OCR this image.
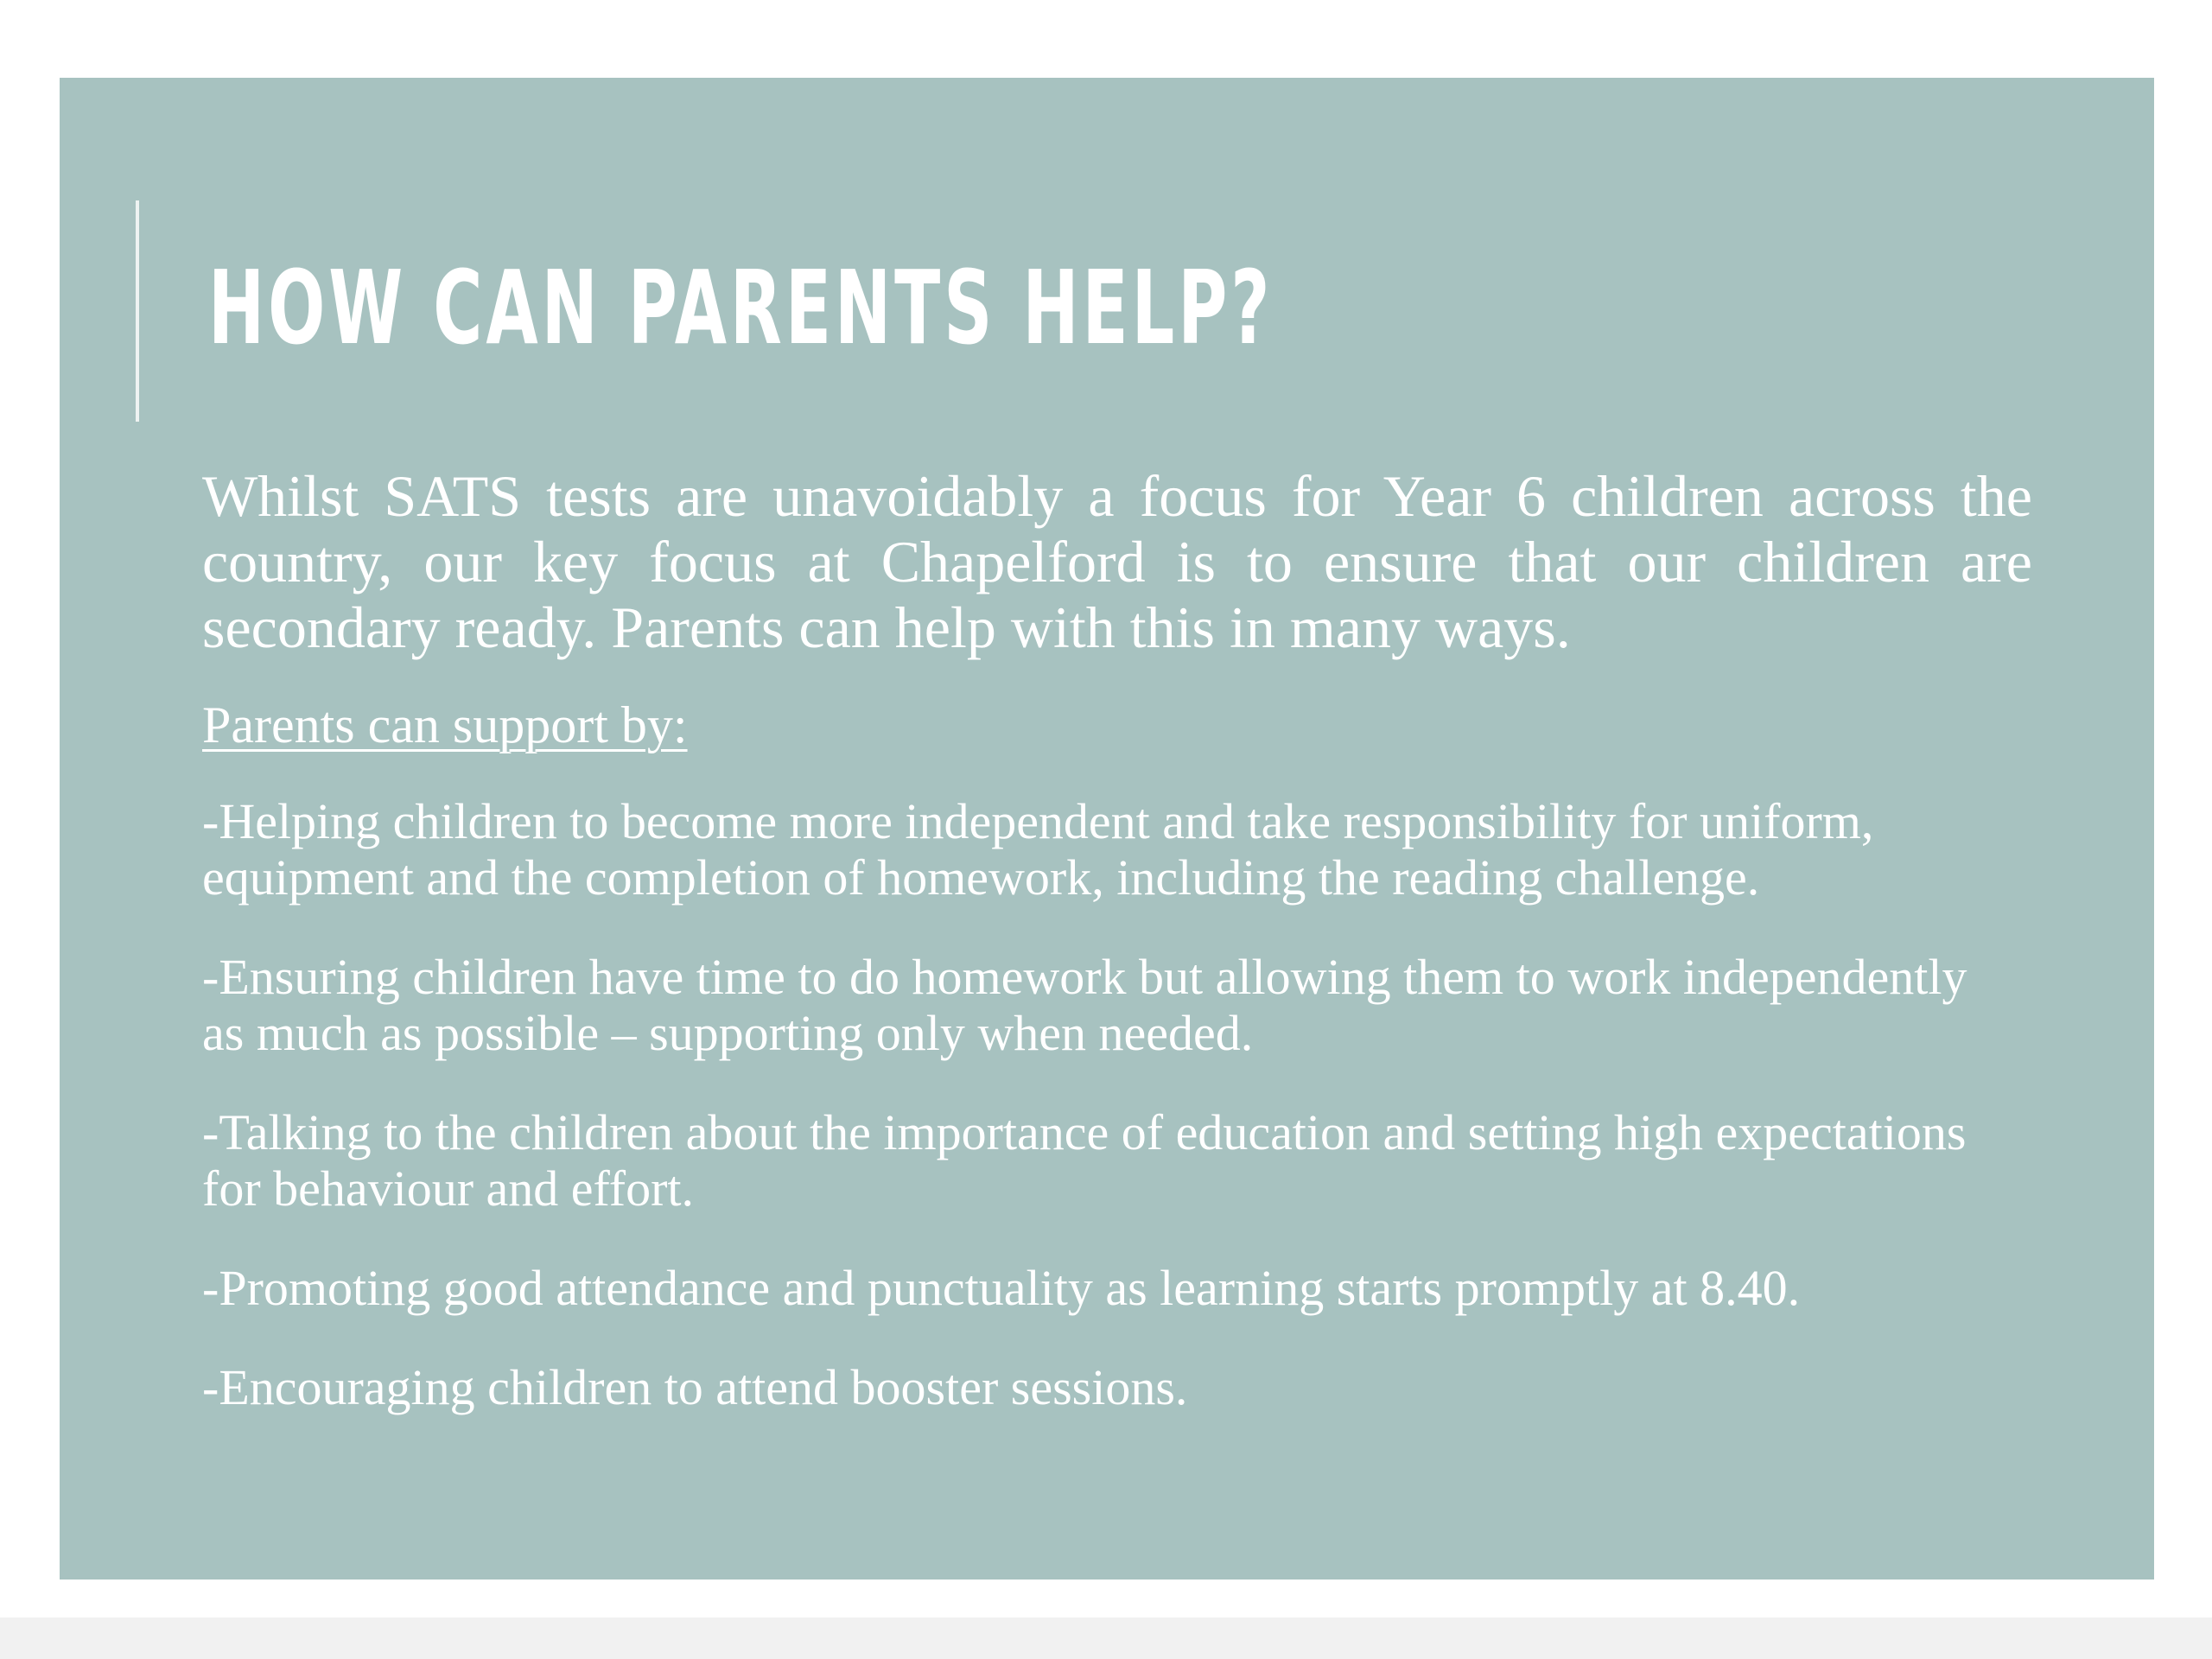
HOW CAN PARENTS HELP?

Whilst SATS tests are unavoidably a focus for Year 6 children across the country, our key focus at Chapelford is to ensure that our children are secondary ready. Parents can help with this in many ways.

Parents can support by:

-Helping children to become more independent and take responsibility for uniform, equipment and the completion of homework, including the reading challenge.

-Ensuring children have time to do homework but allowing them to work independently as much as possible – supporting only when needed.

-Talking to the children about the importance of education and setting high expectations for behaviour and effort.

-Promoting good attendance and punctuality as learning starts promptly at 8.40.

-Encouraging children to attend booster sessions.
